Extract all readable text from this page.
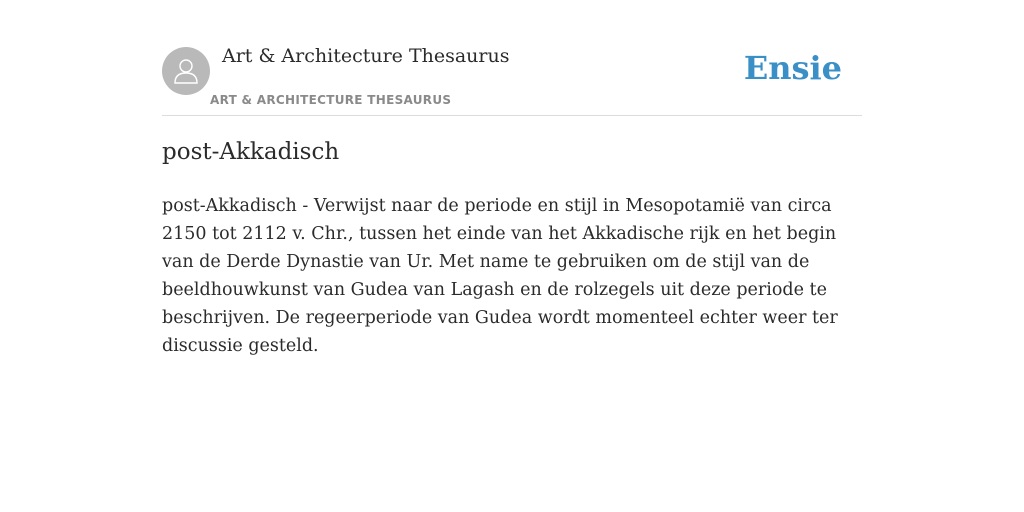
Art & Architecture Thesaurus
ART & ARCHITECTURE THESAURUS
Ensie
post-Akkadisch

post-Akkadisch - Verwijst naar de periode en stijl in Mesopotamië van circa 2150 tot 2112 v. Chr., tussen het einde van het Akkadische rijk en het begin van de Derde Dynastie van Ur. Met name te gebruiken om de stijl van de beeldhouwkunst van Gudea van Lagash en de rolzegels uit deze periode te beschrijven. De regeerperiode van Gudea wordt momenteel echter weer ter discussie gesteld.
